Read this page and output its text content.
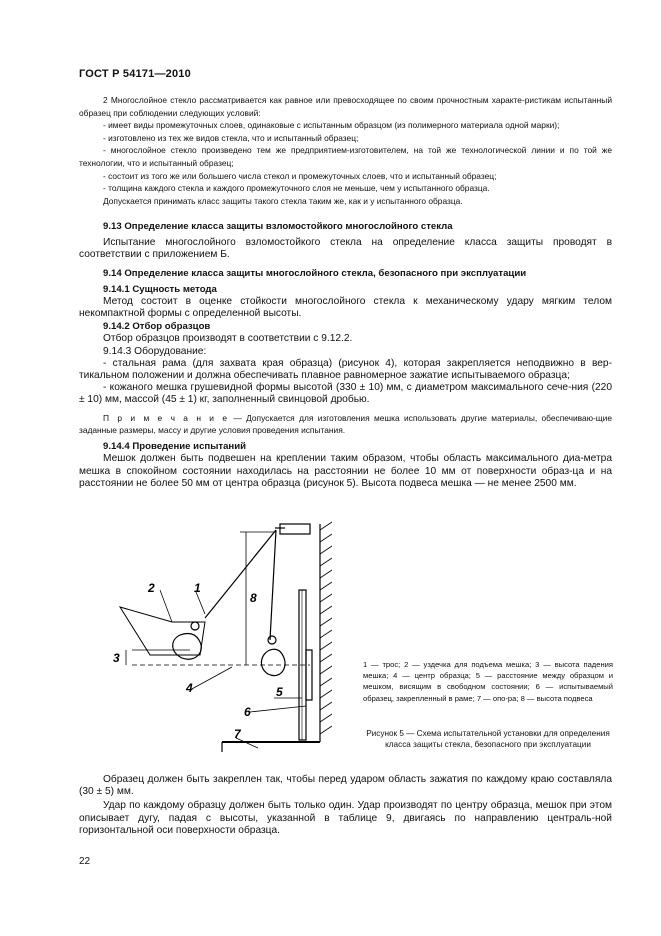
ГОСТ Р 54171—2010

2 Многослойное стекло рассматривается как равное или превосходящее по своим прочностным характе-ристикам испытанный образец при соблюдении следующих условий:

- имеет виды промежуточных слоев, одинаковые с испытанным образцом (из полимерного материала одной марки);

- изготовлено из тех же видов стекла, что и испытанный образец;

- многослойное стекло произведено тем же предприятием-изготовителем, на той же технологической линии и по той же технологии, что и испытанный образец;

- состоит из того же или большего числа стекол и промежуточных слоев, что и испытанный образец;

- толщина каждого стекла и каждого промежуточного слоя не меньше, чем у испытанного образца.

Допускается принимать класс защиты такого стекла таким же, как и у испытанного образца.

9.13 Определение класса защиты взломостойкого многослойного стекла

Испытание многослойного взломостойкого стекла на определение класса защиты проводят в соответствии с приложением Б.

9.14 Определение класса защиты многослойного стекла, безопасного при эксплуатации

9.14.1 Сущность метода

Метод состоит в оценке стойкости многослойного стекла к механическому удару мягким телом некомпактной формы с определенной высоты.

9.14.2 Отбор образцов

Отбор образцов производят в соответствии с 9.12.2.

9.14.3 Оборудование:

- стальная рама (для захвата края образца) (рисунок 4), которая закрепляется неподвижно в вер-тикальном положении и должна обеспечивать плавное равномерное зажатие испытываемого образца;

- кожаного мешка грушевидной формы высотой (330 ± 10) мм, с диаметром максимального сече-ния (220 ± 10) мм, массой (45 ± 1) кг, заполненный свинцовой дробью.

П р и м е ч а н и е — Допускается для изготовления мешка использовать другие материалы, обеспечиваю-щие заданные размеры, массу и другие условия проведения испытания.

9.14.4 Проведение испытаний

Мешок должен быть подвешен на креплении таким образом, чтобы область максимального диа-метра мешка в спокойном состоянии находилась на расстоянии не более 10 мм от поверхности образ-ца и на расстоянии не более 50 мм от центра образца (рисунок 5). Высота подвеса мешка — не менее 2500 мм.

1
2
3
4	5
6
7
8
1 — трос; 2 — уздечка для подъема мешка; 3 — высота падения мешка; 4 — центр образца; 5 — расстояние между образцом и мешком, висящим в свободном состоянии; 6 — испытываемый образец, закрепленный в раме; 7 — опо-ра; 8 — высота подвеса
Рисунок 5 — Схема испытательной установки для определения класса защиты стекла, безопасного при эксплуатации

Образец должен быть закреплен так, чтобы перед ударом область зажатия по каждому краю составляла (30 ± 5) мм.

Удар по каждому образцу должен быть только один. Удар производят по центру образца, мешок при этом описывает дугу, падая с высоты, указанной в таблице 9, двигаясь по направлению централь-ной горизонтальной оси поверхности образца.

22
